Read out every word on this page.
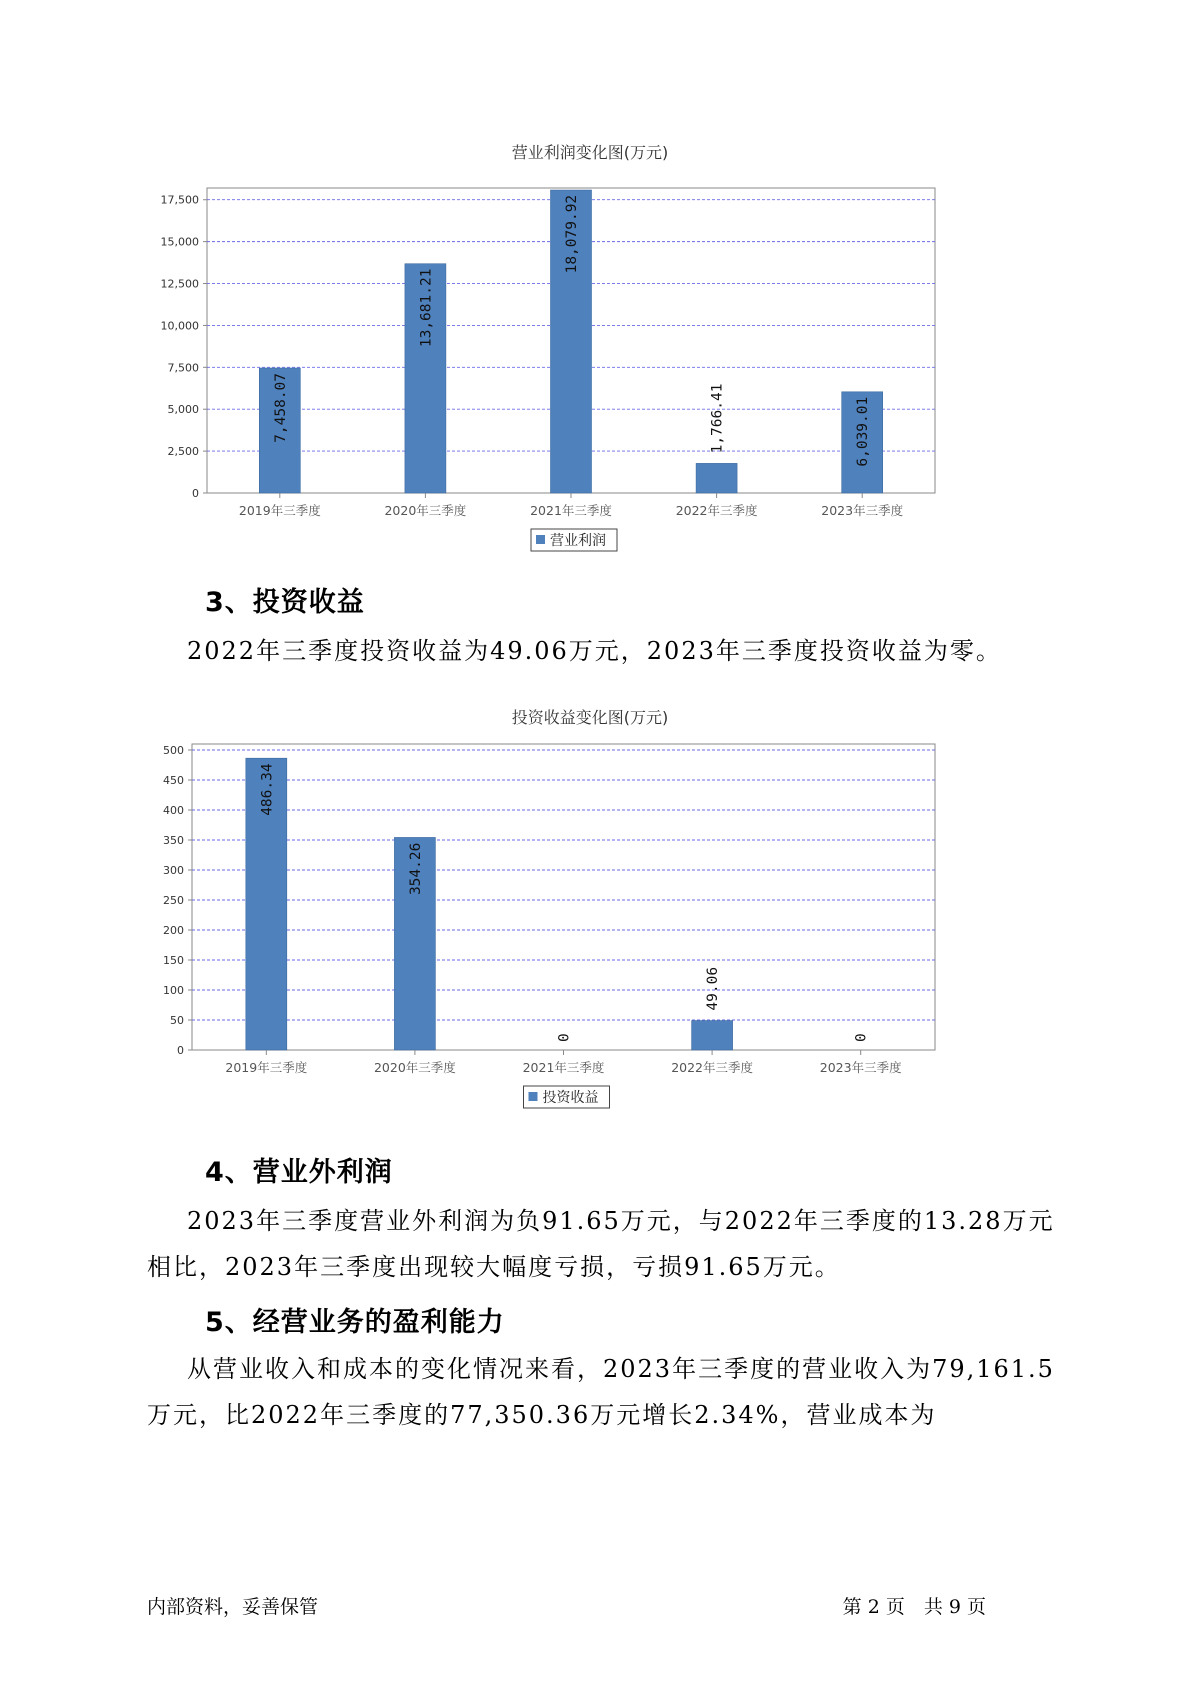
营业利润变化图(万元)
0
2,500
5,000
7,500
10,000
12,500
15,000
17,500
7,458.07
2019年三季度
13,681.21
2020年三季度
18,079.92
2021年三季度
1,766.41
2022年三季度
6,039.01
2023年三季度
营业利润
3、投资收益
2022年三季度投资收益为49.06万元，2023年三季度投资收益为零。
投资收益变化图(万元)
0
50
100
150
200
250
300
350
400
450
500
486.34
2019年三季度
354.26
2020年三季度
0
2021年三季度
49.06
2022年三季度
0
2023年三季度
投资收益
4、营业外利润
2023年三季度营业外利润为负91.65万元，与2022年三季度的13.28万元相比，2023年三季度出现较大幅度亏损，亏损91.65万元。
5、经营业务的盈利能力
从营业收入和成本的变化情况来看，2023年三季度的营业收入为79,161.5万元，比2022年三季度的77,350.36万元增长2.34%，营业成本为
内部资料，妥善保管	第 2 页　共 9 页
